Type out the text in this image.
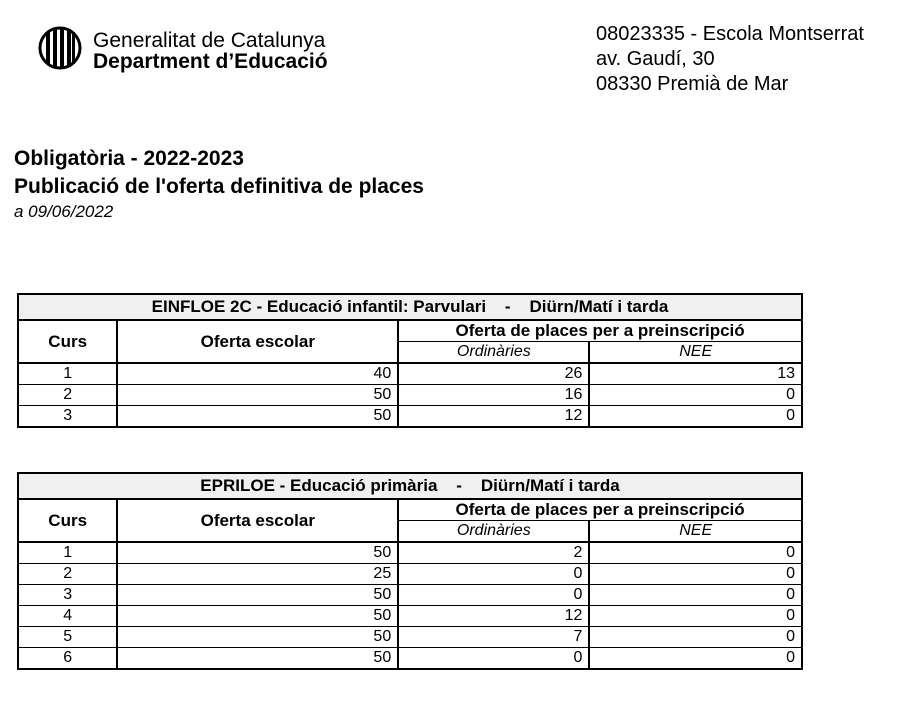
Generalitat de Catalunya
Department d’Educació
08023335 - Escola Montserrat
av. Gaudí, 30
08330 Premià de Mar
Obligatòria - 2022-2023
Publicació de l'oferta definitiva de places
a 09/06/2022
EINFLOE 2C - Educació infantil: Parvulari    -    Diürn/Matí i tarda			
Curs	Oferta escolar	Oferta de places per a preinscripció	
		Ordinàries	NEE
1	40	26	13
2	50	16	0
3	50	12	0
EPRILOE - Educació primària    -    Diürn/Matí i tarda			
Curs	Oferta escolar	Oferta de places per a preinscripció	
		Ordinàries	NEE
1	50	2	0
2	25	0	0
3	50	0	0
4	50	12	0
5	50	7	0
6	50	0	0
